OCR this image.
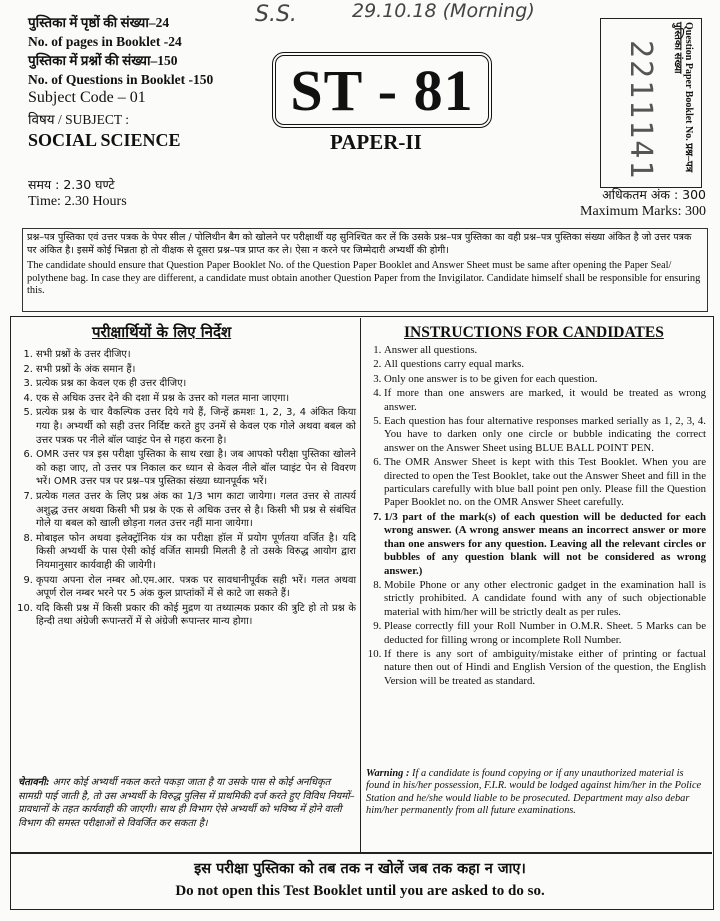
S.S.	29.10.18 (Morning)
पुस्तिका में पृष्ठों की संख्या–24
No. of pages in Booklet -24
पुस्तिका में प्रश्नों की संख्या–150
No. of Questions in Booklet -150
Subject Code – 01
विषय / SUBJECT :
SOCIAL SCIENCE
ST - 81
PAPER-II	Question Paper Booklet No. प्रश्न–पत्र पुस्तिका संख्या
2211141
समय : 2.30 घण्टे
Time: 2.30 Hours	अधिकतम अंक : 300
Maximum Marks: 300

प्रश्न–पत्र पुस्तिका एवं उत्तर पत्रक के पेपर सील / पोलिथीन बैग को खोलने पर परीक्षार्थी यह सुनिश्चित कर लें कि उसके प्रश्न–पत्र पुस्तिका का वही प्रश्न–पत्र पुस्तिका संख्या अंकित है जो उत्तर पत्रक पर अंकित है। इसमें कोई भिन्नता हो तो वीक्षक से दूसरा प्रश्न–पत्र प्राप्त कर ले। ऐसा न करने पर जिम्मेदारी अभ्यर्थी की होगी।

The candidate should ensure that Question Paper Booklet No. of the Question Paper Booklet and Answer Sheet must be same after opening the Paper Seal/ polythene bag. In case they are different, a candidate must obtain another Question Paper from the Invigilator. Candidate himself shall be responsible for ensuring this.

परीक्षार्थियों के लिए निर्देश	INSTRUCTIONS FOR CANDIDATES
1. सभी प्रश्नों के उत्तर दीजिए।
2. सभी प्रश्नों के अंक समान हैं।
3. प्रत्येक प्रश्न का केवल एक ही उत्तर दीजिए।
4. एक से अधिक उत्तर देने की दशा में प्रश्न के उत्तर को गलत माना जाएगा।
5. प्रत्येक प्रश्न के चार वैकल्पिक उत्तर दिये गये हैं, जिन्हें क्रमशः 1, 2, 3, 4 अंकित किया गया है। अभ्यर्थी को सही उत्तर निर्दिष्ट करते हुए उनमें से केवल एक गोले अथवा बबल को उत्तर पत्रक पर नीले बॉल प्वाइंट पेन से गहरा करना है।
6. OMR उत्तर पत्र इस परीक्षा पुस्तिका के साथ रखा है। जब आपको परीक्षा पुस्तिका खोलने को कहा जाए, तो उत्तर पत्र निकाल कर ध्यान से केवल नीले बॉल प्वाइंट पेन से विवरण भरें। OMR उत्तर पत्र पर प्रश्न–पत्र पुस्तिका संख्या ध्यानपूर्वक भरें।
7. प्रत्येक गलत उत्तर के लिए प्रश्न अंक का 1/3 भाग काटा जायेगा। गलत उत्तर से तात्पर्य अशुद्ध उत्तर अथवा किसी भी प्रश्न के एक से अधिक उत्तर से है। किसी भी प्रश्न से संबंधित गोले या बबल को खाली छोड़ना गलत उत्तर नहीं माना जायेगा।
8. मोबाइल फोन अथवा इलेक्ट्रॉनिक यंत्र का परीक्षा हॉल में प्रयोग पूर्णतया वर्जित है। यदि किसी अभ्यर्थी के पास ऐसी कोई वर्जित सामग्री मिलती है तो उसके विरुद्ध आयोग द्वारा नियमानुसार कार्यवाही की जायेगी।
9. कृपया अपना रोल नम्बर ओ.एम.आर. पत्रक पर सावधानीपूर्वक सही भरें। गलत अथवा अपूर्ण रोल नम्बर भरने पर 5 अंक कुल प्राप्तांकों में से काटे जा सकते हैं।
10. यदि किसी प्रश्न में किसी प्रकार की कोई मुद्रण या तथ्यात्मक प्रकार की त्रुटि हो तो प्रश्न के हिन्दी तथा अंग्रेजी रूपान्तरों में से अंग्रेजी रूपान्तर मान्य होगा।
चेतावनी: अगर कोई अभ्यर्थी नकल करते पकड़ा जाता है या उसके पास से कोई अनधिकृत सामग्री पाई जाती है, तो उस अभ्यर्थी के विरुद्ध पुलिस में प्राथमिकी दर्ज करते हुए विविध नियमों–प्रावधानों के तहत कार्यवाही की जाएगी। साथ ही विभाग ऐसे अभ्यर्थी को भविष्य में होने वाली विभाग की समस्त परीक्षाओं से विवर्जित कर सकता है।
1. Answer all questions.
2. All questions carry equal marks.
3. Only one answer is to be given for each question.
4. If more than one answers are marked, it would be treated as wrong answer.
5. Each question has four alternative responses marked serially as 1, 2, 3, 4. You have to darken only one circle or bubble indicating the correct answer on the Answer Sheet using BLUE BALL POINT PEN.
6. The OMR Answer Sheet is kept with this Test Booklet. When you are directed to open the Test Booklet, take out the Answer Sheet and fill in the particulars carefully with blue ball point pen only. Please fill the Question Paper Booklet no. on the OMR Answer Sheet carefully.
7. 1/3 part of the mark(s) of each question will be deducted for each wrong answer. (A wrong answer means an incorrect answer or more than one answers for any question. Leaving all the relevant circles or bubbles of any question blank will not be considered as wrong answer.)
8. Mobile Phone or any other electronic gadget in the examination hall is strictly prohibited. A candidate found with any of such objectionable material with him/her will be strictly dealt as per rules.
9. Please correctly fill your Roll Number in O.M.R. Sheet. 5 Marks can be deducted for filling wrong or incomplete Roll Number.
10. If there is any sort of ambiguity/mistake either of printing or factual nature then out of Hindi and English Version of the question, the English Version will be treated as standard.
Warning : If a candidate is found copying or if any unauthorized material is found in his/her possession, F.I.R. would be lodged against him/her in the Police Station and he/she would liable to be prosecuted. Department may also debar him/her permanently from all future examinations.
इस परीक्षा पुस्तिका को तब तक न खोलें जब तक कहा न जाए।
Do not open this Test Booklet until you are asked to do so.
